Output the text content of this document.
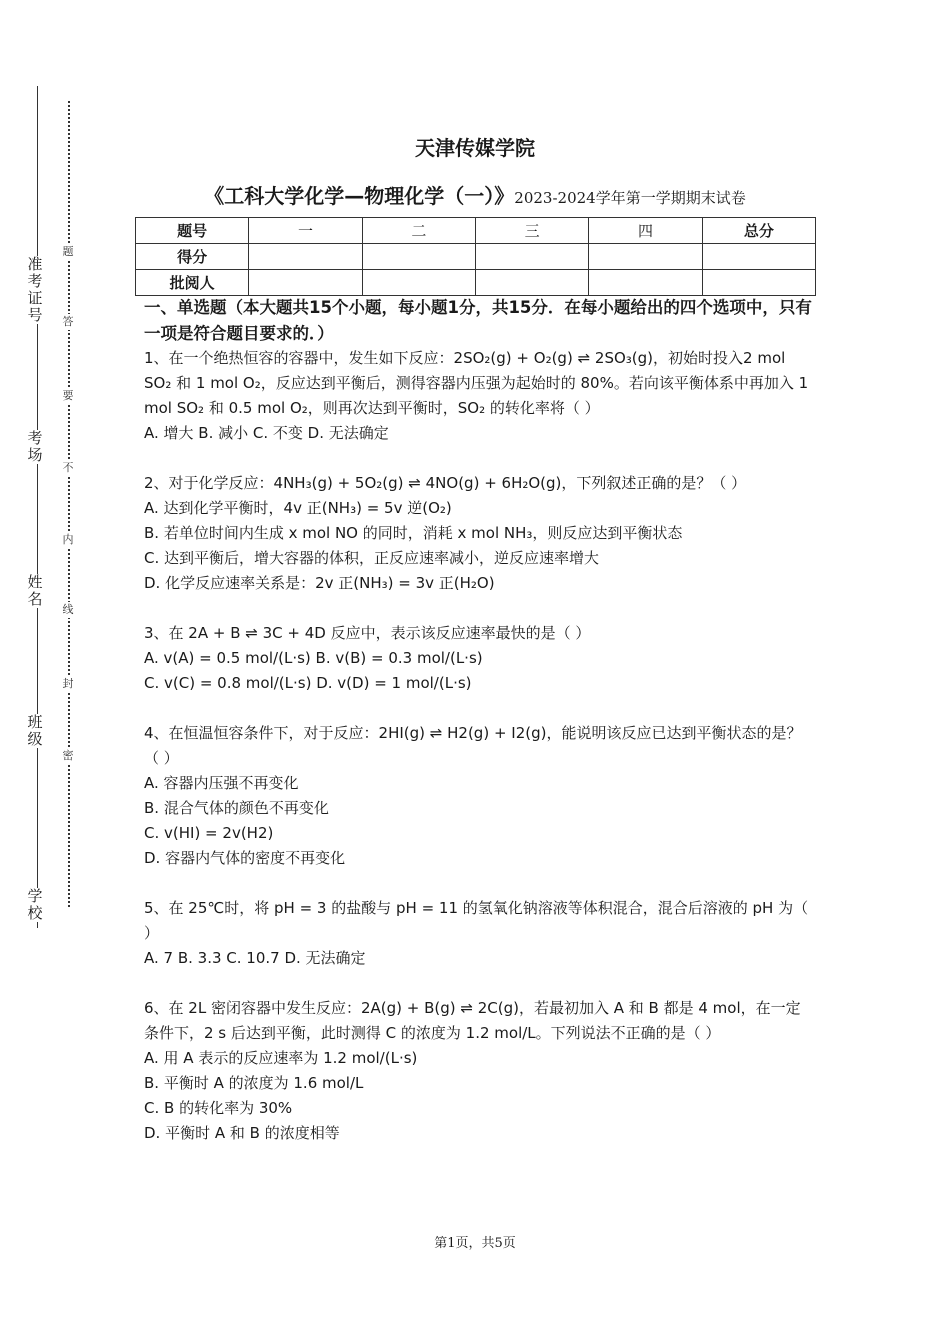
准
考
证
号
考
场
姓
名
班
级
学
校
题
答
要
不
内
线
封
密
天津传媒学院
《工科大学化学—物理化学（一）》2023-2024学年第一学期期末试卷
题号	一	二	三	四	总分
得分					
批阅人					
一、单选题（本大题共15个小题，每小题1分，共15分．在每小题给出的四个选项中，只有一项是符合题目要求的．）

1、在一个绝热恒容的容器中，发生如下反应：2SO₂(g) + O₂(g) ⇌ 2SO₃(g)，初始时投入2 mol SO₂ 和 1 mol O₂，反应达到平衡后，测得容器内压强为起始时的 80%。若向该平衡体系中再加入 1 mol SO₂ 和 0.5 mol O₂，则再次达到平衡时，SO₂ 的转化率将（ ）

A. 增大 B. 减小 C. 不变 D. 无法确定

2、对于化学反应：4NH₃(g) + 5O₂(g) ⇌ 4NO(g) + 6H₂O(g)，下列叙述正确的是？（ ）

A. 达到化学平衡时，4v 正(NH₃) = 5v 逆(O₂)

B. 若单位时间内生成 x mol NO 的同时，消耗 x mol NH₃，则反应达到平衡状态

C. 达到平衡后，增大容器的体积，正反应速率减小，逆反应速率增大

D. 化学反应速率关系是：2v 正(NH₃) = 3v 正(H₂O)

3、在 2A + B ⇌ 3C + 4D 反应中，表示该反应速率最快的是（ ）

A. v(A) = 0.5 mol/(L·s) B. v(B) = 0.3 mol/(L·s)

C. v(C) = 0.8 mol/(L·s) D. v(D) = 1 mol/(L·s)

4、在恒温恒容条件下，对于反应：2HI(g) ⇌ H2(g) + I2(g)，能说明该反应已达到平衡状态的是？（ ）

A. 容器内压强不再变化

B. 混合气体的颜色不再变化

C. v(HI) = 2v(H2)

D. 容器内气体的密度不再变化

5、在 25℃时，将 pH = 3 的盐酸与 pH = 11 的氢氧化钠溶液等体积混合，混合后溶液的 pH 为（ ）

A. 7 B. 3.3 C. 10.7 D. 无法确定

6、在 2L 密闭容器中发生反应：2A(g) + B(g) ⇌ 2C(g)，若最初加入 A 和 B 都是 4 mol，在一定条件下，2 s 后达到平衡，此时测得 C 的浓度为 1.2 mol/L。下列说法不正确的是（ ）

A. 用 A 表示的反应速率为 1.2 mol/(L·s)

B. 平衡时 A 的浓度为 1.6 mol/L

C. B 的转化率为 30%

D. 平衡时 A 和 B 的浓度相等

第1页，共5页
